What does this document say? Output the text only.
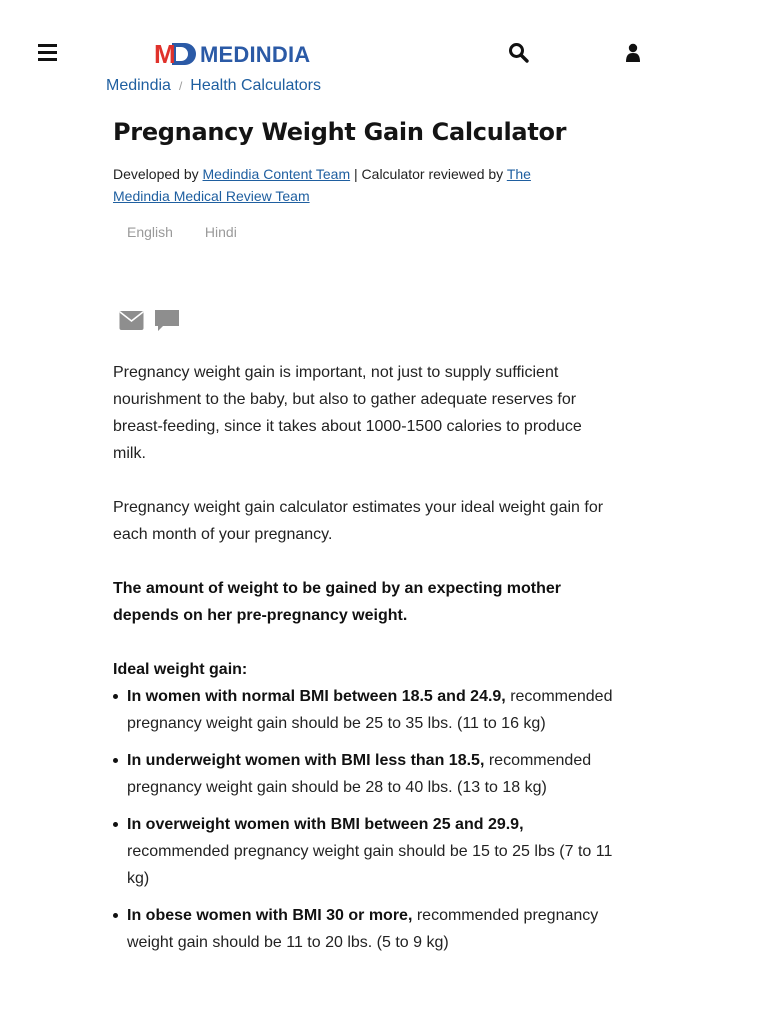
M MEDINDIA
Medindia / Health Calculators
Pregnancy Weight Gain Calculator
Developed by Medindia Content Team | Calculator reviewed by The Medindia Medical Review Team
English Hindi

Pregnancy weight gain is important, not just to supply sufficient nourishment to the baby, but also to gather adequate reserves for breast-feeding, since it takes about 1000-1500 calories to produce milk.

Pregnancy weight gain calculator estimates your ideal weight gain for each month of your pregnancy.

The amount of weight to be gained by an expecting mother depends on her pre-pregnancy weight.

Ideal weight gain:

In women with normal BMI between 18.5 and 24.9, recommended pregnancy weight gain should be 25 to 35 lbs. (11 to 16 kg)
In underweight women with BMI less than 18.5, recommended pregnancy weight gain should be 28 to 40 lbs. (13 to 18 kg)
In overweight women with BMI between 25 and 29.9, recommended pregnancy weight gain should be 15 to 25 lbs (7 to 11 kg)
In obese women with BMI 30 or more, recommended pregnancy weight gain should be 11 to 20 lbs. (5 to 9 kg)
